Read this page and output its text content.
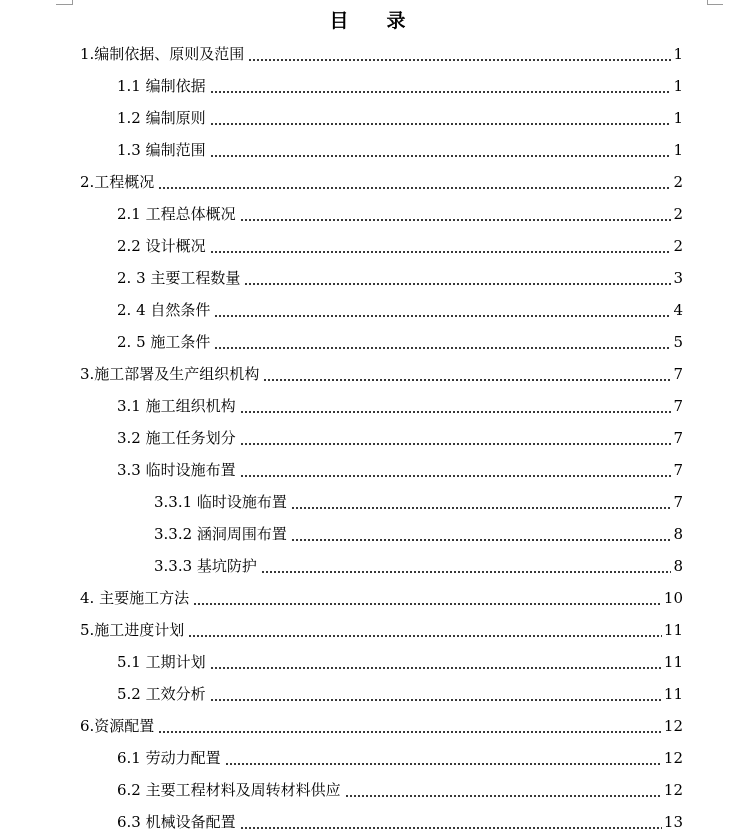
目　　录
1.编制依据、原则及范围	1
1.1 编制依据	1
1.2 编制原则	1
1.3 编制范围	1
2.工程概况	2
2.1 工程总体概况	2
2.2 设计概况	2
2. 3 主要工程数量	3
2. 4 自然条件	4
2. 5 施工条件	5
3.施工部署及生产组织机构	7
3.1 施工组织机构	7
3.2 施工任务划分	7
3.3 临时设施布置	7
3.3.1 临时设施布置	7
3.3.2 涵洞周围布置	8
3.3.3 基坑防护	8
4. 主要施工方法	10
5.施工进度计划	11
5.1 工期计划	11
5.2 工效分析	11
6.资源配置	12
6.1 劳动力配置	12
6.2 主要工程材料及周转材料供应	12
6.3 机械设备配置	13
